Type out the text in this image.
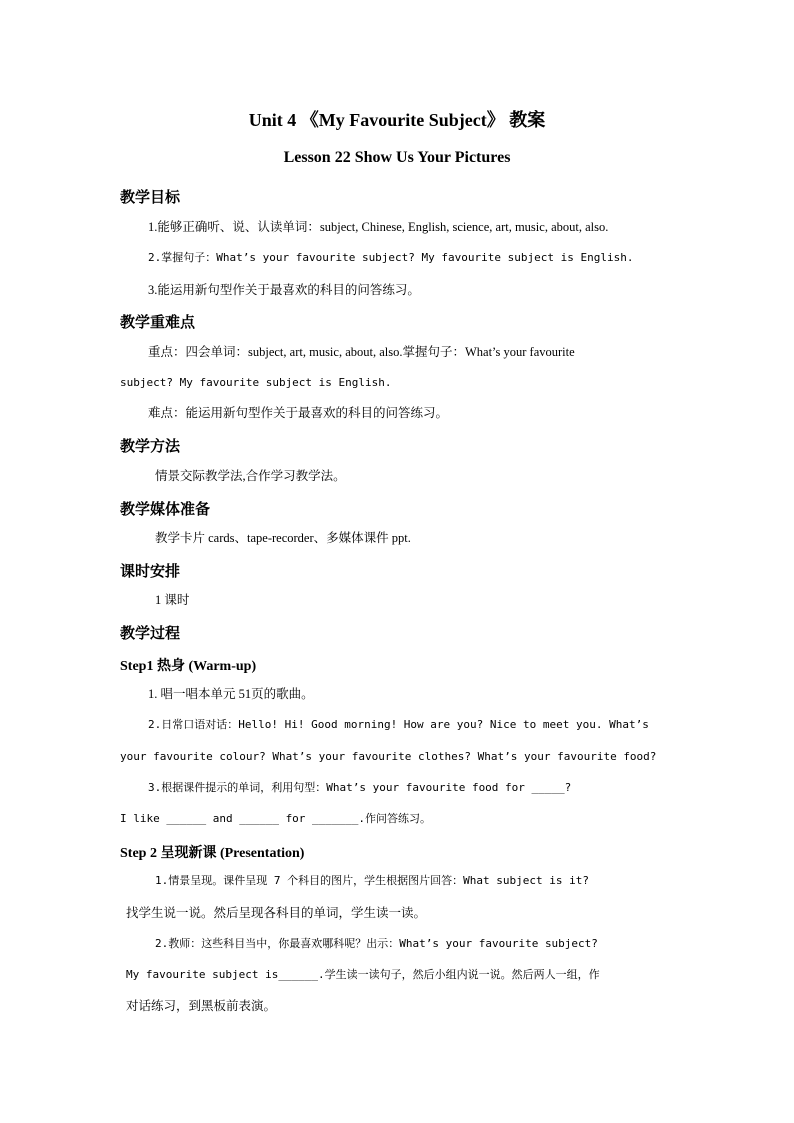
Unit 4 《My Favourite Subject》 教案
Lesson 22 Show Us Your Pictures
教学目标
1.能够正确听、说、认读单词：subject, Chinese, English, science, art, music, about, also.
2.掌握句子：What’s your favourite subject? My favourite subject is English.
3.能运用新句型作关于最喜欢的科目的问答练习。
教学重难点
重点：四会单词：subject, art, music, about, also.掌握句子：What’s your favourite
subject? My favourite subject is English.
难点：能运用新句型作关于最喜欢的科目的问答练习。
教学方法
情景交际教学法,合作学习教学法。
教学媒体准备
教学卡片 cards、tape-recorder、多媒体课件 ppt.
课时安排
1 课时
教学过程
Step1 热身 (Warm-up)
1. 唱一唱本单元 51页的歌曲。
2.日常口语对话：Hello! Hi! Good morning! How are you? Nice to meet you. What’s
your favourite colour? What’s your favourite clothes? What’s your favourite food?
3.根据课件提示的单词，利用句型：What’s your favourite food for _____?
I like ______ and ______ for _______.作问答练习。
Step 2 呈现新课 (Presentation)
1.情景呈现。课件呈现 7 个科目的图片，学生根据图片回答：What subject is it?
找学生说一说。然后呈现各科目的单词，学生读一读。
2.教师：这些科目当中，你最喜欢哪科呢？出示：What’s your favourite subject?
My favourite subject is______.学生读一读句子，然后小组内说一说。然后两人一组，作
对话练习，到黑板前表演。
